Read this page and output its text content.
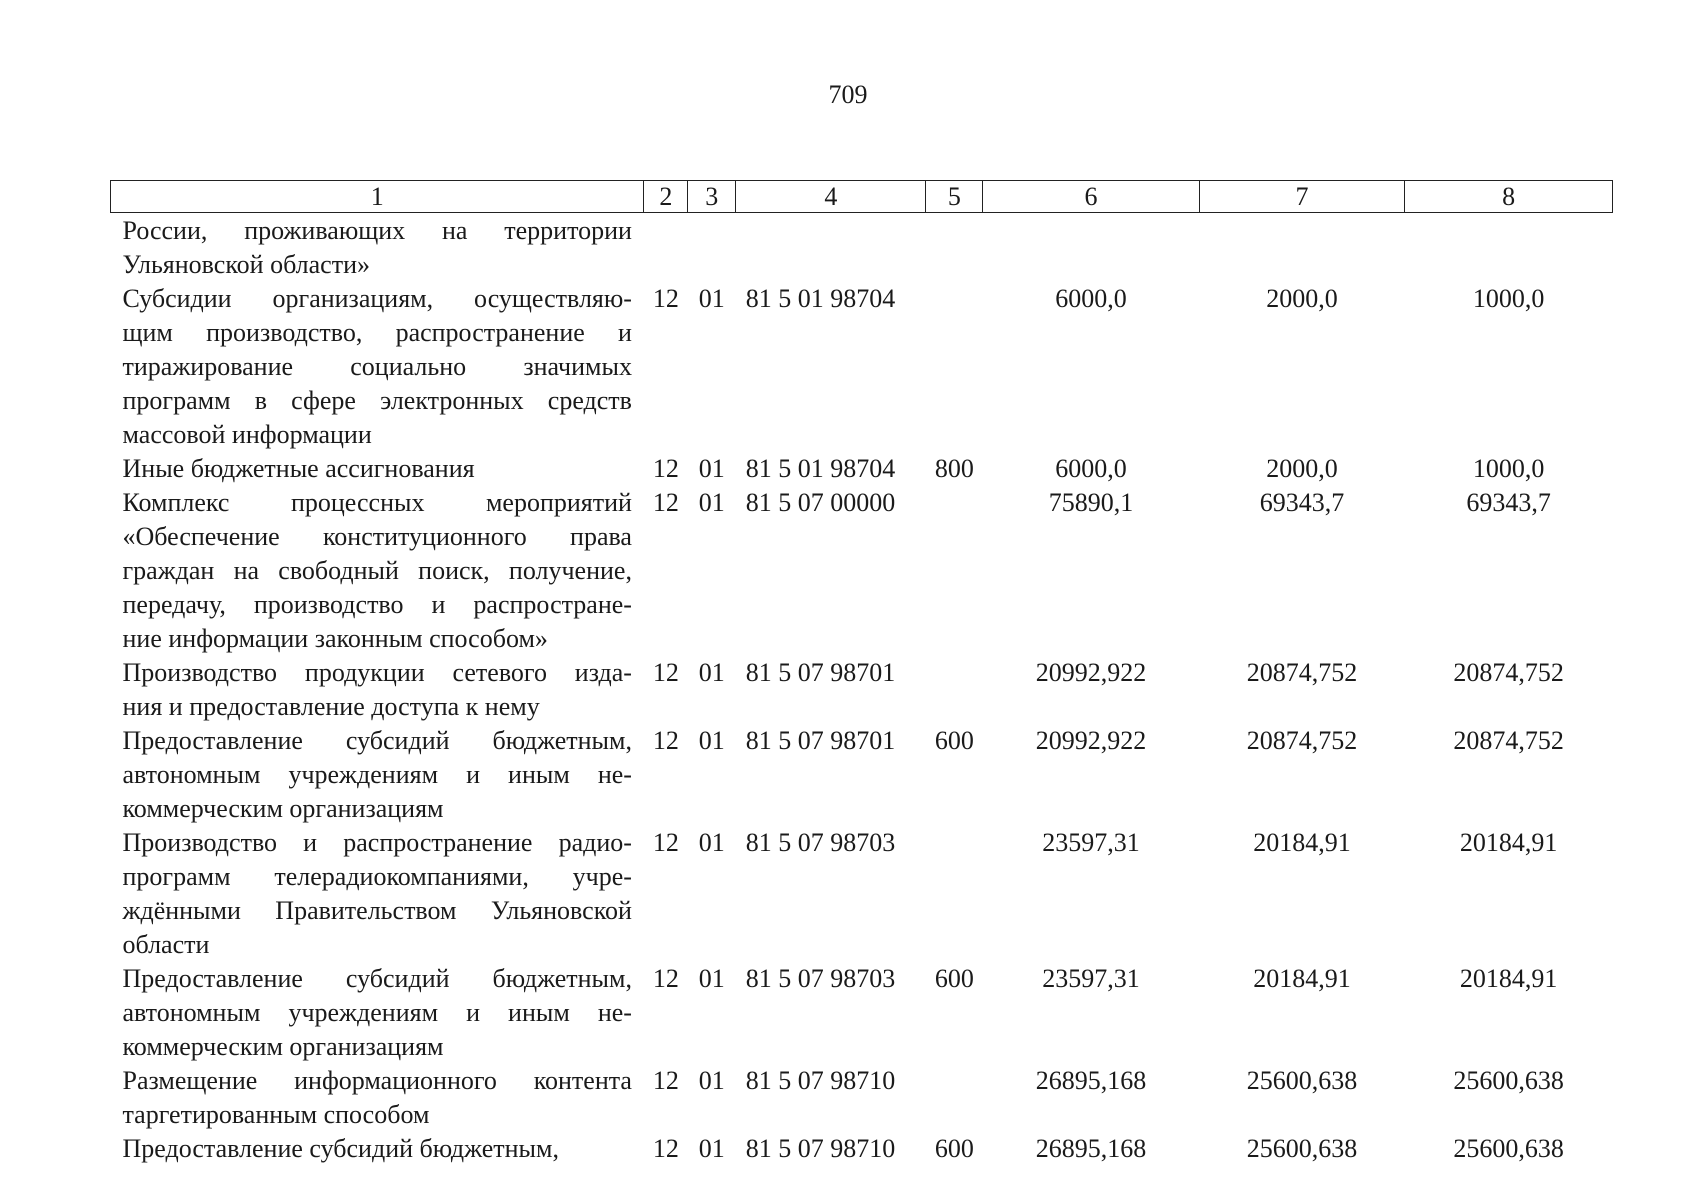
709
1	2	3	4	5	6	7	8

России, проживающих на территории
Ульяновской области»							

Субсидии организациям, осуществляю-
щим производство, распространение и
тиражирование социально значимых
программ в сфере электронных средств
массовой информации	12	01	81 5 01 98704		6000,0	2000,0	1000,0

Иные бюджетные ассигнования	12	01	81 5 01 98704	800	6000,0	2000,0	1000,0

Комплекс процессных мероприятий
«Обеспечение конституционного права
граждан на свободный поиск, получение,
передачу, производство и распростране-
ние информации законным способом»	12	01	81 5 07 00000		75890,1	69343,7	69343,7

Производство продукции сетевого изда-
ния и предоставление доступа к нему	12	01	81 5 07 98701		20992,922	20874,752	20874,752

Предоставление субсидий бюджетным,
автономным учреждениям и иным не-
коммерческим организациям	12	01	81 5 07 98701	600	20992,922	20874,752	20874,752

Производство и распространение радио-
программ телерадиокомпаниями, учре-
ждёнными Правительством Ульяновской
области	12	01	81 5 07 98703		23597,31	20184,91	20184,91

Предоставление субсидий бюджетным,
автономным учреждениям и иным не-
коммерческим организациям	12	01	81 5 07 98703	600	23597,31	20184,91	20184,91

Размещение информационного контента
таргетированным способом	12	01	81 5 07 98710		26895,168	25600,638	25600,638

Предоставление субсидий бюджетным,	12	01	81 5 07 98710	600	26895,168	25600,638	25600,638
